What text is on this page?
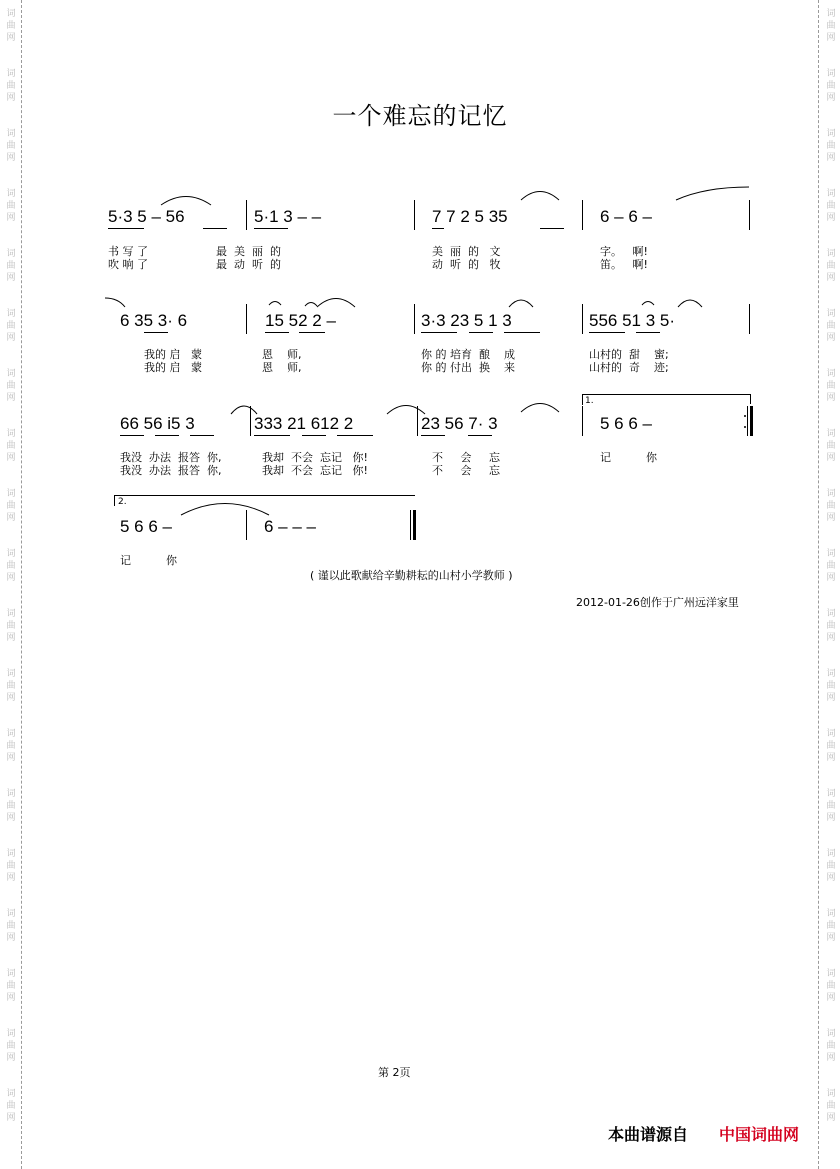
词
曲
网
词
曲
网
词
曲
网
词
曲
网
词
曲
网
词
曲
网
词
曲
网
词
曲
网
词
曲
网
词
曲
网
词
曲
网
词
曲
网
词
曲
网
词
曲
网
词
曲
网
词
曲
网
词
曲
网
词
曲
网
词
曲
网
词
曲
网
词
曲
网
词
曲
网
词
曲
网
词
曲
网
词
曲
网
词
曲
网
词
曲
网
词
曲
网
词
曲
网
词
曲
网
词
曲
网
词
曲
网
词
曲
网
词
曲
网
词
曲
网
词
曲
网
词
曲
网
词
曲
网
一个难忘的记忆
5·3 5 – 56	5·1 3 – –	7 7 2 5 35	6 – 6 –
书 写 了	最  美  丽  的	美  丽  的   文	字。   啊!
吹 响 了	最  动  听  的	动  听  的   牧	笛。   啊!
6 35 3· 6	15 52 2 –	3·3 23 5 1 3	556 51 3 5·
我的 启   蒙	恩    师,	你 的 培育  酿    成	山村的  甜    蜜;
我的 启   蒙	恩    师,	你 的 付出  换    来	山村的  奇    迹;
66 56 i5 3	333 21 612 2	23 56 7· 3	5 6 6 –
1.
我没  办法  报答  你,	我却  不会  忘记   你!	不     会     忘	记          你
我没  办法  报答  你,	我却  不会  忘记   你!	不     会     忘
2.
5 6 6 –	6 – – –
记          你
( 谨以此歌献给辛勤耕耘的山村小学教师 )
2012-01-26创作于广州远洋家里
第 2页
本曲谱源自 中国词曲网
